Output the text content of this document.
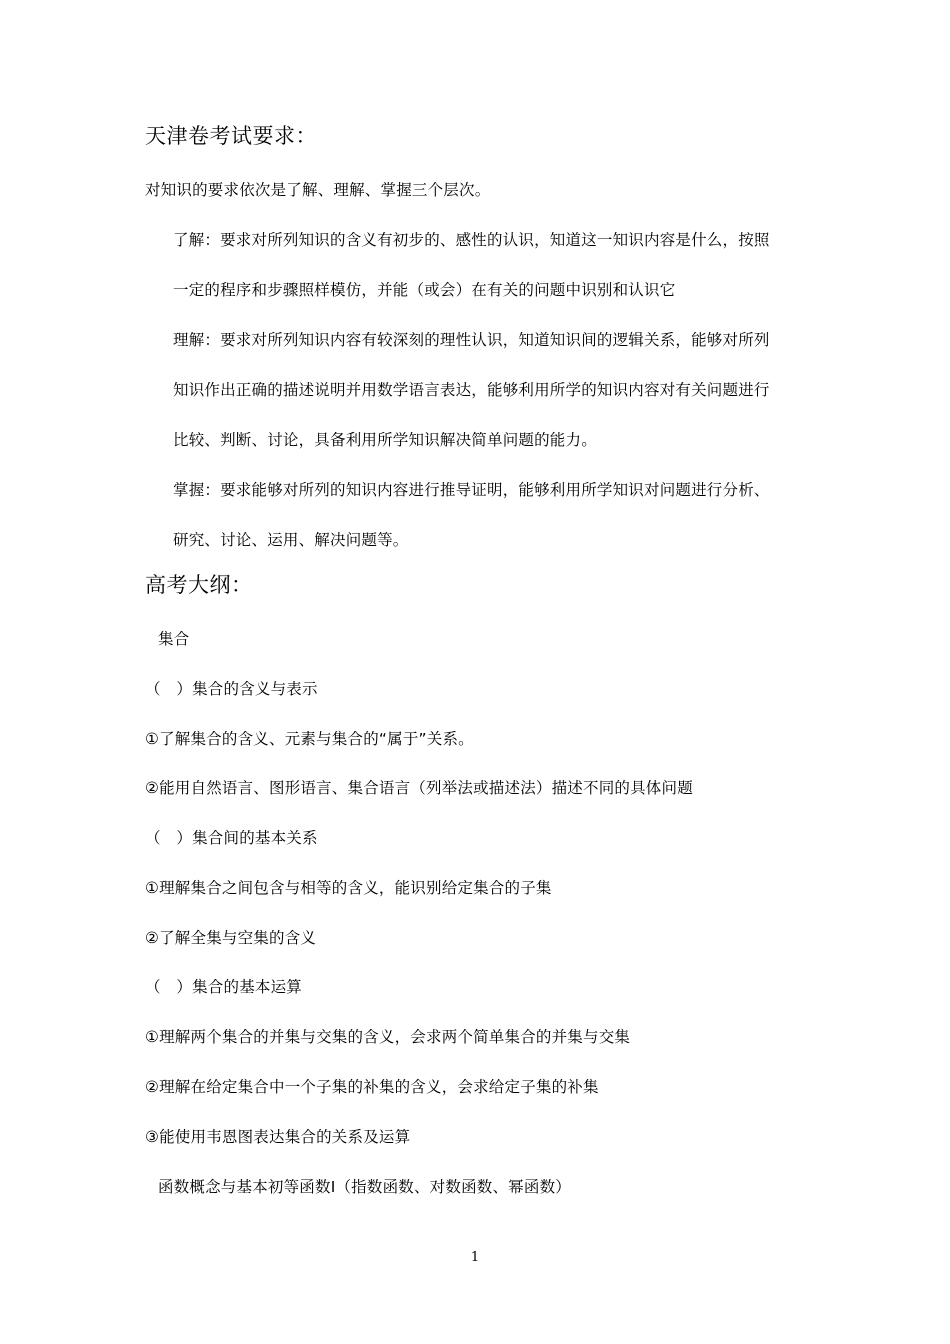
天津卷考试要求：
对知识的要求依次是了解、理解、掌握三个层次。
了解：要求对所列知识的含义有初步的、感性的认识，知道这一知识内容是什么，按照
一定的程序和步骤照样模仿，并能（或会）在有关的问题中识别和认识它
理解：要求对所列知识内容有较深刻的理性认识，知道知识间的逻辑关系，能够对所列
知识作出正确的描述说明并用数学语言表达，能够利用所学的知识内容对有关问题进行
比较、判断、讨论，具备利用所学知识解决简单问题的能力。
掌握：要求能够对所列的知识内容进行推导证明，能够利用所学知识对问题进行分析、
研究、讨论、运用、解决问题等。
高考大纲：
集合
（　）集合的含义与表示
①了解集合的含义、元素与集合的“属于”关系。
②能用自然语言、图形语言、集合语言（列举法或描述法）描述不同的具体问题
（　）集合间的基本关系
①理解集合之间包含与相等的含义，能识别给定集合的子集
②了解全集与空集的含义
（　）集合的基本运算
①理解两个集合的并集与交集的含义，会求两个简单集合的并集与交集
②理解在给定集合中一个子集的补集的含义，会求给定子集的补集
③能使用韦恩图表达集合的关系及运算
函数概念与基本初等函数Ⅰ（指数函数、对数函数、幂函数）
1
